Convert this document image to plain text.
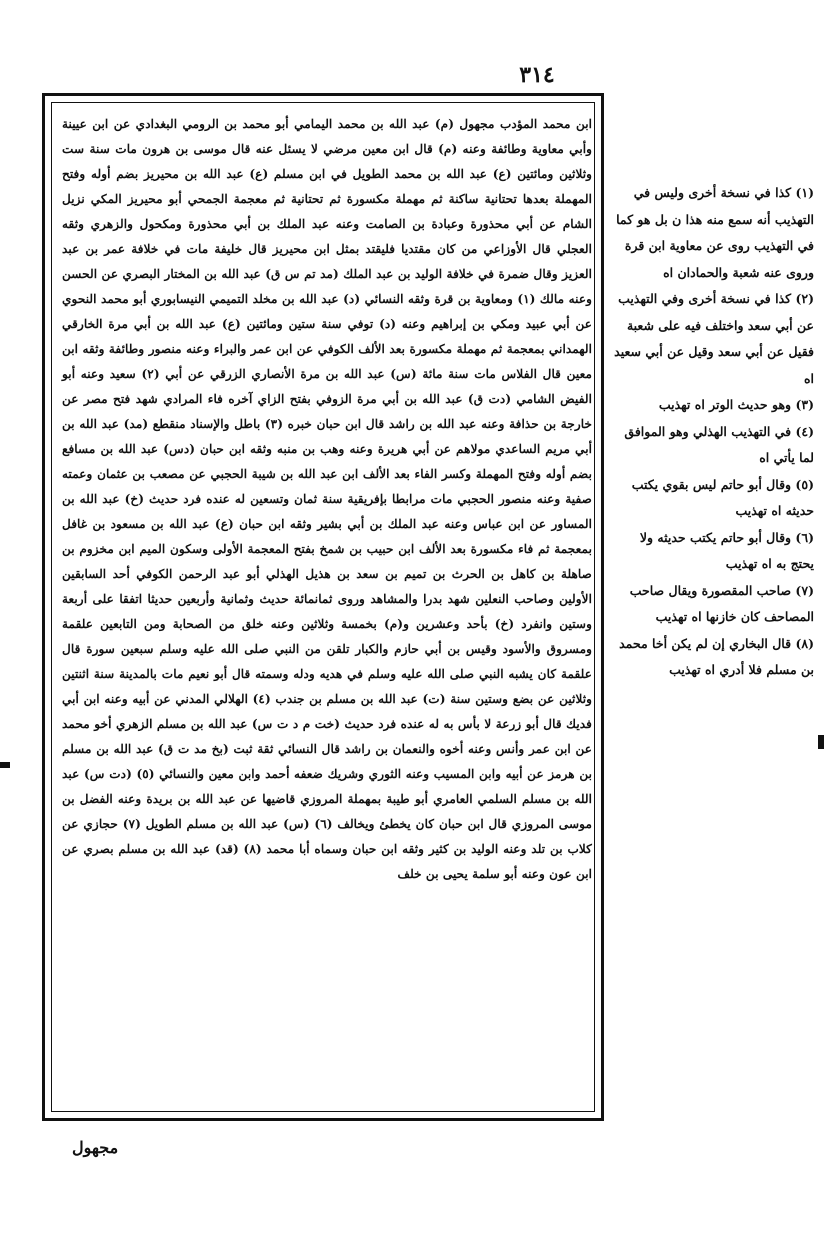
٣١٤

ابن محمد المؤدب مجهول (م) عبد الله بن محمد اليمامي أبو محمد بن الرومي البغدادي عن ابن عيينة وأبي معاوية وطائفة وعنه (م) قال ابن معين مرضي لا يسئل عنه قال موسى بن هرون مات سنة ست وثلاثين ومائتين (ع) عبد الله بن محمد الطويل في ابن مسلم (ع) عبد الله بن محيريز بضم أوله وفتح المهملة بعدها تحتانية ساكنة ثم مهملة مكسورة ثم تحتانية ثم معجمة الجمحي أبو محيريز المكي نزيل الشام عن أبي محذورة وعبادة بن الصامت وعنه عبد الملك بن أبي محذورة ومكحول والزهري وثقه العجلي قال الأوزاعي من كان مقتديا فليقتد بمثل ابن محيريز قال خليفة مات في خلافة عمر بن عبد العزيز وقال ضمرة في خلافة الوليد بن عبد الملك (مد تم س ق) عبد الله بن المختار البصري عن الحسن وعنه مالك (١) ومعاوية بن قرة وثقه النسائي (د) عبد الله بن مخلد التميمي النيسابوري أبو محمد النحوي عن أبي عبيد ومكي بن إبراهيم وعنه (د) توفي سنة ستين ومائتين (ع) عبد الله بن أبي مرة الخارقي الهمداني بمعجمة ثم مهملة مكسورة بعد الألف الكوفي عن ابن عمر والبراء وعنه منصور وطائفة وثقه ابن معين قال الفلاس مات سنة مائة (س) عبد الله بن مرة الأنصاري الزرقي عن أبي (٢) سعيد وعنه أبو الفيض الشامي (دت ق) عبد الله بن أبي مرة الزوفي بفتح الزاي آخره فاء المرادي شهد فتح مصر عن خارجة بن حذافة وعنه عبد الله بن راشد قال ابن حبان خبره (٣) باطل والإسناد منقطع (مد) عبد الله بن أبي مريم الساعدي مولاهم عن أبي هريرة وعنه وهب بن منبه وثقه ابن حبان (دس) عبد الله بن مسافع بضم أوله وفتح المهملة وكسر الفاء بعد الألف ابن عبد الله بن شيبة الحجبي عن مصعب بن عثمان وعمته صفية وعنه منصور الحجبي مات مرابطا بإفريقية سنة ثمان وتسعين له عنده فرد حديث (خ) عبد الله بن المساور عن ابن عباس وعنه عبد الملك بن أبي بشير وثقه ابن حبان (ع) عبد الله بن مسعود بن غافل بمعجمة ثم فاء مكسورة بعد الألف ابن حبيب بن شمخ بفتح المعجمة الأولى وسكون الميم ابن مخزوم بن صاهلة بن كاهل بن الحرث بن تميم بن سعد بن هذيل الهذلي أبو عبد الرحمن الكوفي أحد السابقين الأولين وصاحب النعلين شهد بدرا والمشاهد وروى ثمانمائة حديث وثمانية وأربعين حديثا اتفقا على أربعة وستين وانفرد (خ) بأحد وعشرين و(م) بخمسة وثلاثين وعنه خلق من الصحابة ومن التابعين علقمة ومسروق والأسود وقيس بن أبي حازم والكبار تلقن من النبي صلى الله عليه وسلم سبعين سورة قال علقمة كان يشبه النبي صلى الله عليه وسلم في هديه ودله وسمته قال أبو نعيم مات بالمدينة سنة اثنتين وثلاثين عن بضع وستين سنة (ت) عبد الله بن مسلم بن جندب (٤) الهلالي المدني عن أبيه وعنه ابن أبي فديك قال أبو زرعة لا بأس به له عنده فرد حديث (خت م د ت س) عبد الله بن مسلم الزهري أخو محمد عن ابن عمر وأنس وعنه أخوه والنعمان بن راشد قال النسائي ثقة ثبت (بخ مد ت ق) عبد الله بن مسلم بن هرمز عن أبيه وابن المسيب وعنه الثوري وشريك ضعفه أحمد وابن معين والنسائي (٥) (دت س) عبد الله بن مسلم السلمي العامري أبو طيبة بمهملة المروزي قاضيها عن عبد الله بن بريدة وعنه الفضل بن موسى المروزي قال ابن حبان كان يخطئ ويخالف (٦) (س) عبد الله بن مسلم الطويل (٧) حجازي عن كلاب بن تلد وعنه الوليد بن كثير وثقه ابن حبان وسماه أبا محمد (٨) (قد) عبد الله بن مسلم بصري عن ابن عون وعنه أبو سلمة يحيى بن خلف

(١) كذا في نسخة أخرى وليس في التهذيب أنه سمع منه هذا ن بل هو كما في التهذيب روى عن معاوية ابن قرة وروى عنه شعبة والحمادان اه

(٢) كذا في نسخة أخرى وفي التهذيب عن أبي سعد واختلف فيه على شعبة فقيل عن أبي سعد وقيل عن أبي سعيد اه

(٣) وهو حديث الوتر اه تهذيب

(٤) في التهذيب الهذلي وهو الموافق لما يأتي اه

(٥) وقال أبو حاتم ليس بقوي يكتب حديثه اه تهذيب

(٦) وقال أبو حاتم يكتب حديثه ولا يحتج به اه تهذيب

(٧) صاحب المقصورة ويقال صاحب المصاحف كان خازنها اه تهذيب

(٨) قال البخاري إن لم يكن أخا محمد بن مسلم فلا أدري اه تهذيب

مجهول
